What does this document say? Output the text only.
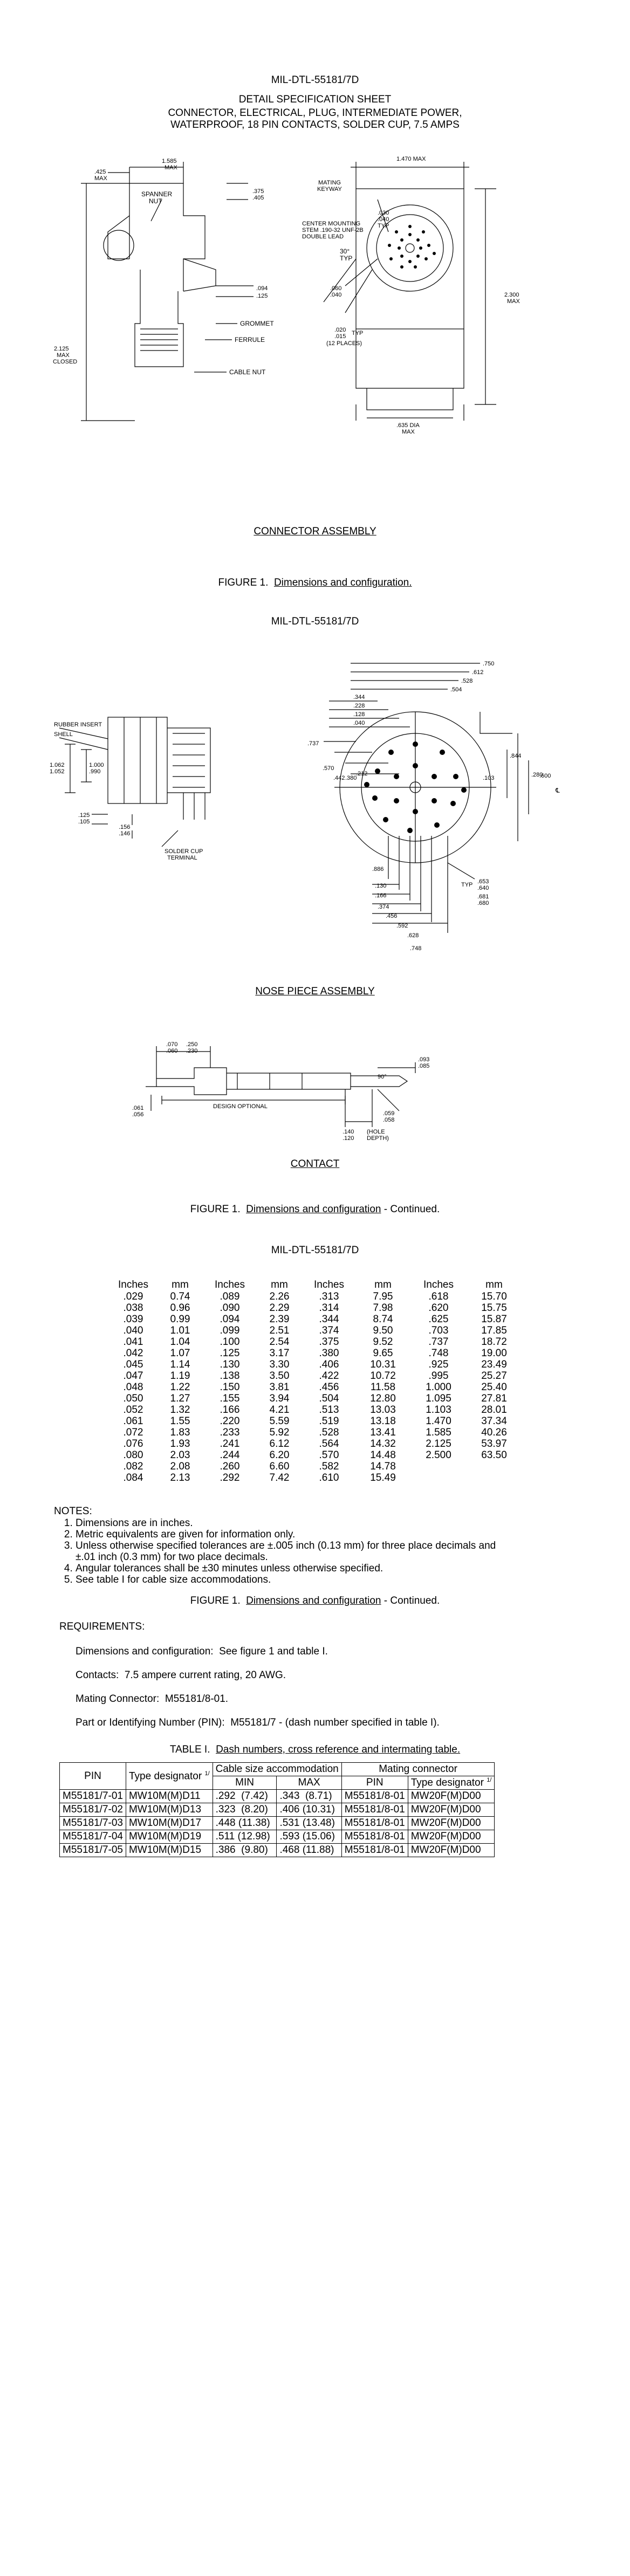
MIL-DTL-55181/7D
DETAIL SPECIFICATION SHEET
CONNECTOR, ELECTRICAL, PLUG, INTERMEDIATE POWER,
WATERPROOF, 18 PIN CONTACTS, SOLDER CUP, 7.5 AMPS
.425
MAX
1.585
MAX
.375
.405
SPANNER
NUT
2.125
MAX
CLOSED
.094
.125
GROMMET
FERRULE
CABLE NUT
MATING
KEYWAY
1.470 MAX
CENTER MOUNTING
STEM .190-32 UNF-2B
DOUBLE LEAD
.030
.040
TYP
30°
TYP
.060
.040
.020
.015 TYP
(12 PLACES)
2.300
MAX
.635 DIA
MAX
CONNECTOR ASSEMBLY
FIGURE 1. Dimensions and configuration.
MIL-DTL-55181/7D
RUBBER INSERT
SHELL
1.062
1.052
1.000
.990
.125
.105
.156
.146
SOLDER CUP
TERMINAL
.750
.612
.528
.504
.344
.228
.128
.040
.737
.570
.442 .380
.212
.103	.280
.844
.600
.886
.130
.166
.653
.640
TYP
.681
.680
.374
.456
.592
.628
.748
℄
NOSE PIECE ASSEMBLY
.070
.060
.250
.230
.061
.056
DESIGN OPTIONAL
.093
.085
.140
.120
(HOLE
DEPTH)
.059
.058
90°
CONTACT
FIGURE 1. Dimensions and configuration - Continued.
MIL-DTL-55181/7D
Inches	mm	Inches	mm	Inches	mm	Inches	mm
.029	0.74	.089	2.26	.313	7.95	.618	15.70
.038	0.96	.090	2.29	.314	7.98	.620	15.75
.039	0.99	.094	2.39	.344	8.74	.625	15.87
.040	1.01	.099	2.51	.374	9.50	.703	17.85
.041	1.04	.100	2.54	.375	9.52	.737	18.72
.042	1.07	.125	3.17	.380	9.65	.748	19.00
.045	1.14	.130	3.30	.406	10.31	.925	23.49
.047	1.19	.138	3.50	.422	10.72	.995	25.27
.048	1.22	.150	3.81	.456	11.58	1.000	25.40
.050	1.27	.155	3.94	.504	12.80	1.095	27.81
.052	1.32	.166	4.21	.513	13.03	1.103	28.01
.061	1.55	.220	5.59	.519	13.18	1.470	37.34
.072	1.83	.233	5.92	.528	13.41	1.585	40.26
.076	1.93	.241	6.12	.564	14.32	2.125	53.97
.080	2.03	.244	6.20	.570	14.48	2.500	63.50
.082	2.08	.260	6.60	.582	14.78		
.084	2.13	.292	7.42	.610	15.49		
NOTES:
1. Dimensions are in inches.
2. Metric equivalents are given for information only.
3. Unless otherwise specified tolerances are ±.005 inch (0.13 mm) for three place decimals and
±.01 inch (0.3 mm) for two place decimals.
4. Angular tolerances shall be ±30 minutes unless otherwise specified.
5. See table I for cable size accommodations.
FIGURE 1. Dimensions and configuration - Continued.
REQUIREMENTS:

Dimensions and configuration: See figure 1 and table I.

Contacts: 7.5 ampere current rating, 20 AWG.

Mating Connector: M55181/8-01.

Part or Identifying Number (PIN): M55181/7 - (dash number specified in table I).

TABLE I. Dash numbers, cross reference and intermating table.
PIN	Type designator $^{1/}$	Cable size accommodation		Mating connector	
		MIN	MAX	PIN	Type designator $^{1/}$
M55181/7-01	MW10M(M)D11	.292  (7.42)	.343  (8.71)	M55181/8-01	MW20F(M)D00
M55181/7-02	MW10M(M)D13	.323  (8.20)	.406 (10.31)	M55181/8-01	MW20F(M)D00
M55181/7-03	MW10M(M)D17	.448 (11.38)	.531 (13.48)	M55181/8-01	MW20F(M)D00
M55181/7-04	MW10M(M)D19	.511 (12.98)	.593 (15.06)	M55181/8-01	MW20F(M)D00
M55181/7-05	MW10M(M)D15	.386  (9.80)	.468 (11.88)	M55181/8-01	MW20F(M)D00
